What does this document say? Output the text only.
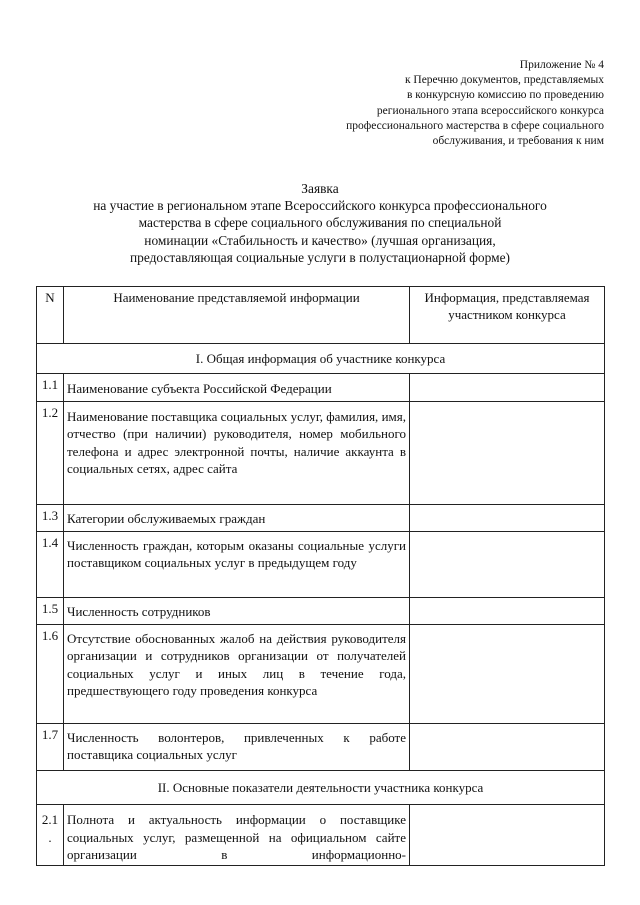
Приложение № 4
к Перечню документов, представляемых
в конкурсную комиссию по проведению
регионального этапа всероссийского конкурса
профессионального мастерства в сфере социального
обслуживания, и требования к ним
Заявка
на участие в региональном этапе Всероссийского конкурса профессионального
мастерства в сфере социального обслуживания по специальной
номинации «Стабильность и качество» (лучшая организация,
предоставляющая социальные услуги в полустационарной форме)
N	Наименование представляемой информации	Информация, представляемая участником конкурса
I. Общая информация об участнике конкурса		
1.1	Наименование субъекта Российской Федерации	
1.2	Наименование поставщика социальных услуг, фамилия, имя, отчество (при наличии) руководителя, номер мобильного телефона и адрес электронной почты, наличие аккаунта в социальных сетях, адрес сайта	
1.3	Категории обслуживаемых граждан	
1.4	Численность граждан, которым оказаны социальные услуги поставщиком социальных услуг в предыдущем году	
1.5	Численность сотрудников	
1.6	Отсутствие обоснованных жалоб на действия руководителя организации и сотрудников организации от получателей социальных услуг и иных лиц в течение года, предшествующего году проведения конкурса	
1.7	Численность волонтеров, привлеченных к работе поставщика социальных услуг	
II. Основные показатели деятельности участника конкурса		
2.1 .	Полнота и актуальность информации о поставщике социальных услуг, размещенной на официальном сайте организации в информационно-	
